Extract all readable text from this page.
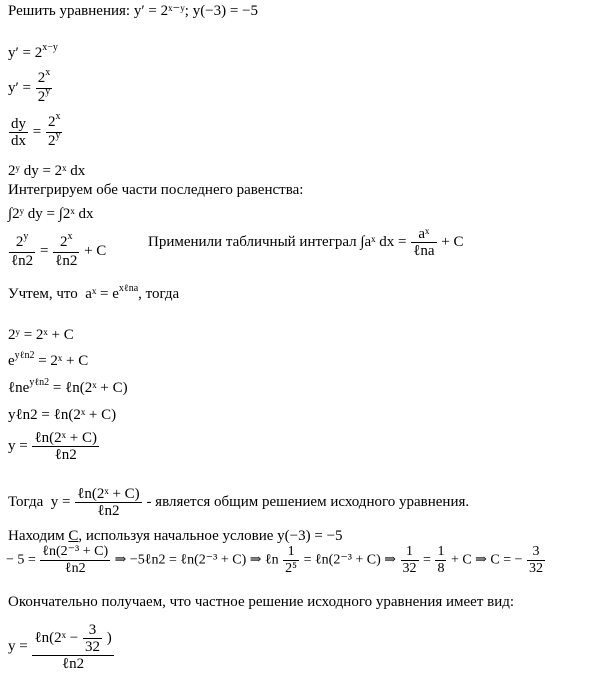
Решить уравнения: y′ = 2ˣ⁻ʸ; y(−3) = −5
$y' = 2^{x-y}$
$y' = \frac{2^x}{2^y}$
$\frac{dy}{dx} = \frac{2^x}{2^y}$
2ʸ dy = 2ˣ dx
Интегрируем обе части последнего равенства:
∫2ʸ dy = ∫2ˣ dx
$\frac{2^y}{\text{ℓn2}} = \frac{2^x}{\text{ℓn2}} + C$
Применили табличный интеграл ∫aˣ dx = $\frac{\text{aˣ}}{\text{ℓna}} + C$
Учтем, что aˣ = $e^{x\ell na}$, тогда
2ʸ = 2ˣ + C
$e^{y\ell n2}$ = 2ˣ + C
ℓne$^{y\ell n2}$ = ℓn(2ˣ + C)
yℓn2 = ℓn(2ˣ + C)
$y = \frac{\text{ℓn(2ˣ + C)}}{\text{ℓn2}}$
Тогда $y = \frac{\text{ℓn(2ˣ + C)}}{\text{ℓn2}}$ - является общим решением исходного уравнения.
Находим C, используя начальное условие y(−3) = −5
− $5 = \frac{\text{ℓn(2⁻³ + C)}}{\text{ℓn2}}$ ⇒ −5ℓn2 = ℓn(2⁻³ + C) ⇒ ℓn $\frac{1}{\text{2⁵}}$ = ℓn(2⁻³ + C) ⇒ $\frac{1}{32} = \frac{1}{8} + C$ ⇒ C = − $\frac{3}{32}$
Окончательно получаем, что частное решение исходного уравнения имеет вид:
$y = \frac{\ell n(2ˣ - \frac{3}{32} )}{\text{ℓn2}}$
